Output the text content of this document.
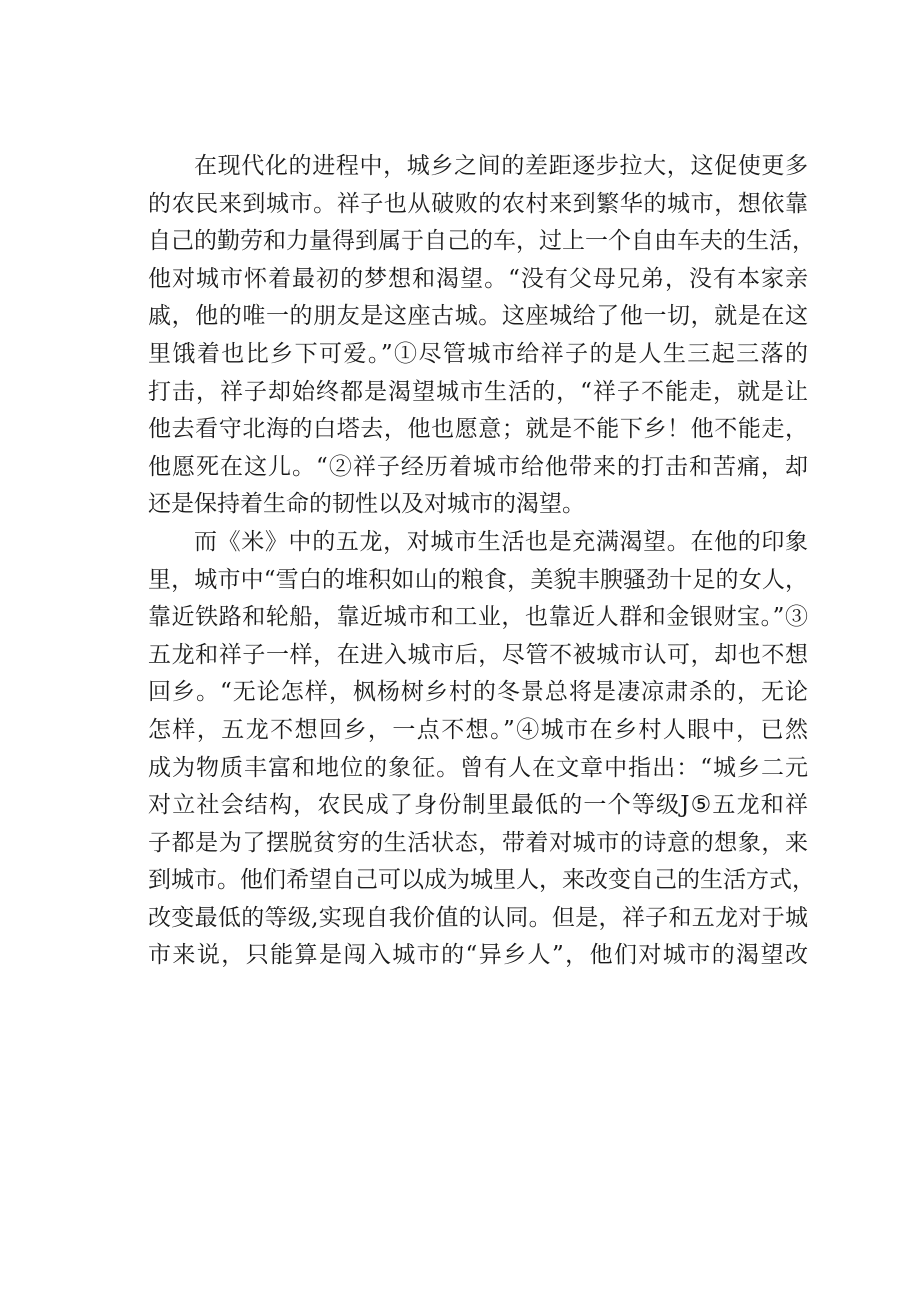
在现代化的进程中，城乡之间的差距逐步拉大，这促使更多
的农民来到城市。祥子也从破败的农村来到繁华的城市，想依靠
自己的勤劳和力量得到属于自己的车，过上一个自由车夫的生活，
他对城市怀着最初的梦想和渴望。“没有父母兄弟，没有本家亲
戚，他的唯一的朋友是这座古城。这座城给了他一切，就是在这
里饿着也比乡下可爱。”①尽管城市给祥子的是人生三起三落的
打击，祥子却始终都是渴望城市生活的，“祥子不能走，就是让
他去看守北海的白塔去，他也愿意；就是不能下乡！他不能走，
他愿死在这儿。“②祥子经历着城市给他带来的打击和苦痛，却
还是保持着生命的韧性以及对城市的渴望。

而《米》中的五龙，对城市生活也是充满渴望。在他的印象
里，城市中“雪白的堆积如山的粮食，美貌丰腴骚劲十足的女人，
靠近铁路和轮船，靠近城市和工业，也靠近人群和金银财宝。”③
五龙和祥子一样，在进入城市后，尽管不被城市认可，却也不想
回乡。“无论怎样，枫杨树乡村的冬景总将是凄凉肃杀的，无论
怎样，五龙不想回乡，一点不想。”④城市在乡村人眼中，已然
成为物质丰富和地位的象征。曾有人在文章中指出：“城乡二元
对立社会结构，农民成了身份制里最低的一个等级J⑤五龙和祥
子都是为了摆脱贫穷的生活状态，带着对城市的诗意的想象，来
到城市。他们希望自己可以成为城里人，来改变自己的生活方式，
改变最低的等级,实现自我价值的认同。但是，祥子和五龙对于城
市来说，只能算是闯入城市的“异乡人”，他们对城市的渴望改
